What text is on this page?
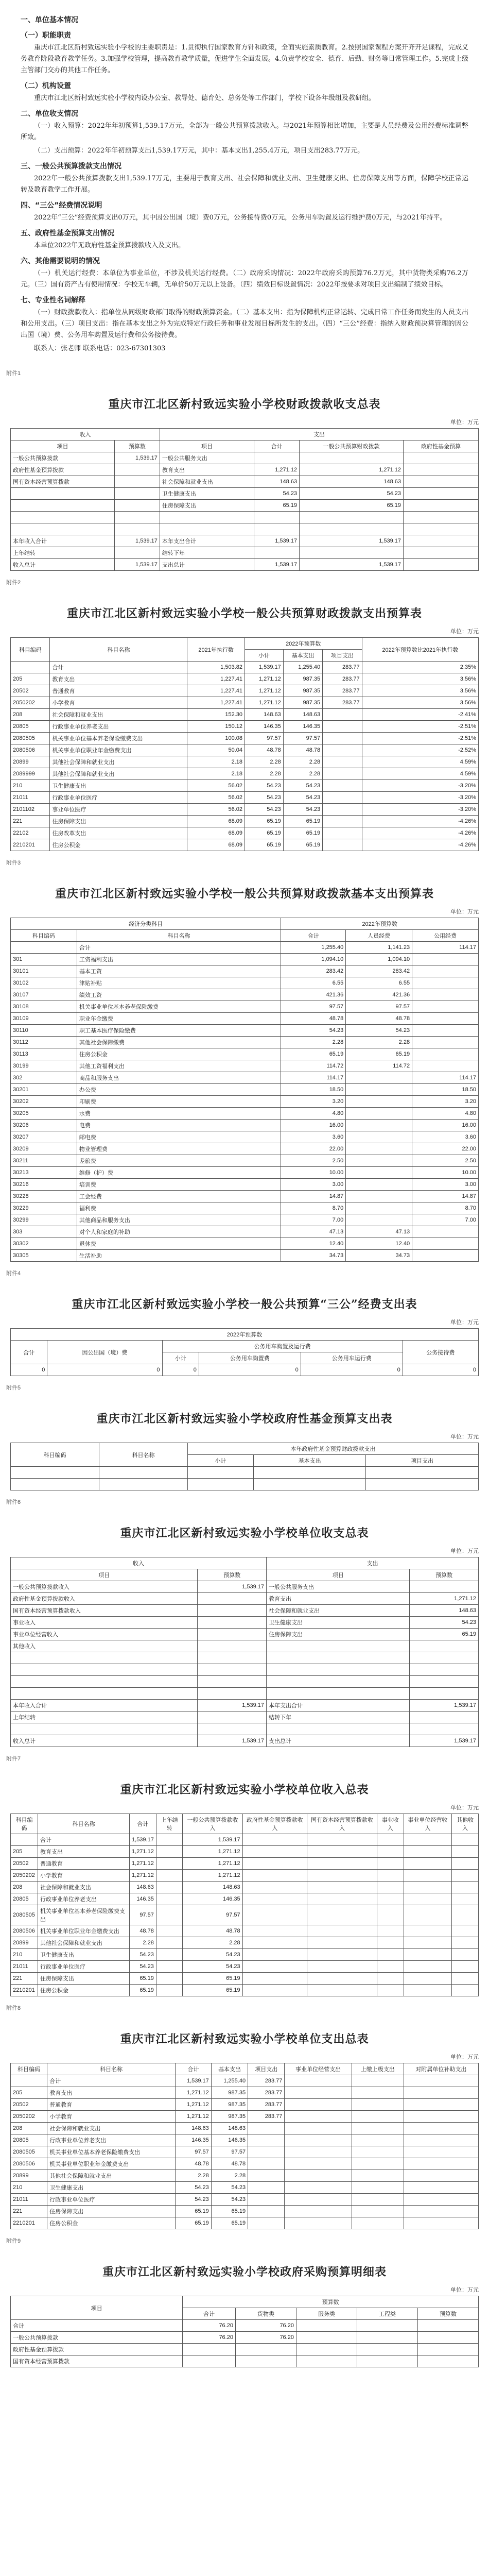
一、单位基本情况
（一）职能职责

重庆市江北区新村致远实验小学校的主要职责是：1.贯彻执行国家教育方针和政策，全面实施素质教育。2.按照国家课程方案开齐开足课程，完成义务教育阶段教育教学任务。3.加强学校管理，提高教育教学质量，促进学生全面发展。4.负责学校安全、德育、后勤、财务等日常管理工作。5.完成上级主管部门交办的其他工作任务。

（二）机构设置

重庆市江北区新村致远实验小学校内设办公室、教导处、德育处、总务处等工作部门，学校下设各年级组及教研组。

二、单位收支情况

（一）收入预算：2022年年初预算1,539.17万元，全部为一般公共预算拨款收入。与2021年预算相比增加，主要是人员经费及公用经费标准调整所致。

（二）支出预算：2022年年初预算支出1,539.17万元，其中：基本支出1,255.4万元，项目支出283.77万元。

三、一般公共预算拨款支出情况

2022年一般公共预算拨款支出1,539.17万元，主要用于教育支出、社会保障和就业支出、卫生健康支出、住房保障支出等方面，保障学校正常运转及教育教学工作开展。

四、“三公”经费情况说明

2022年“三公”经费预算支出0万元，其中因公出国（境）费0万元，公务接待费0万元，公务用车购置及运行维护费0万元，与2021年持平。

五、政府性基金预算支出情况

本单位2022年无政府性基金预算拨款收入及支出。

六、其他需要说明的情况

（一）机关运行经费：本单位为事业单位，不涉及机关运行经费。（二）政府采购情况：2022年政府采购预算76.2万元，其中货物类采购76.2万元。（三）国有资产占有使用情况：学校无车辆，无单价50万元以上设备。（四）绩效目标设置情况：2022年按要求对项目支出编制了绩效目标。

七、专业性名词解释

（一）财政拨款收入：指单位从同级财政部门取得的财政预算资金。（二）基本支出：指为保障机构正常运转、完成日常工作任务而发生的人员支出和公用支出。（三）项目支出：指在基本支出之外为完成特定行政任务和事业发展目标所发生的支出。（四）“三公”经费：指纳入财政预决算管理的因公出国（境）费、公务用车购置及运行费和公务接待费。

联系人：张老师 联系电话：023-67301303

附件1
重庆市江北区新村致远实验小学校财政拨款收支总表
单位：万元
收入		支出			
项目	预算数	项目	合计	一般公共预算财政拨款	政府性基金预算
一般公共预算拨款	1,539.17	一般公共服务支出			
政府性基金预算拨款		教育支出	1,271.12	1,271.12	
国有资本经营预算拨款		社会保障和就业支出	148.63	148.63	
		卫生健康支出	54.23	54.23	
		住房保障支出	65.19	65.19	

本年收入合计	1,539.17	本年支出合计	1,539.17	1,539.17	
上年结转		结转下年			
收入总计	1,539.17	支出总计	1,539.17	1,539.17	
附件2
重庆市江北区新村致远实验小学校一般公共预算财政拨款支出预算表
单位：万元
科目编码	科目名称	2021年执行数	2022年预算数			2022年预算数比2021年执行数
			小计	基本支出	项目支出	
	合计	1,503.82	1,539.17	1,255.40	283.77	2.35%
205	教育支出	1,227.41	1,271.12	987.35	283.77	3.56%
20502	普通教育	1,227.41	1,271.12	987.35	283.77	3.56%
2050202	小学教育	1,227.41	1,271.12	987.35	283.77	3.56%
208	社会保障和就业支出	152.30	148.63	148.63		-2.41%
20805	行政事业单位养老支出	150.12	146.35	146.35		-2.51%
2080505	机关事业单位基本养老保险缴费支出	100.08	97.57	97.57		-2.51%
2080506	机关事业单位职业年金缴费支出	50.04	48.78	48.78		-2.52%
20899	其他社会保障和就业支出	2.18	2.28	2.28		4.59%
2089999	其他社会保障和就业支出	2.18	2.28	2.28		4.59%
210	卫生健康支出	56.02	54.23	54.23		-3.20%
21011	行政事业单位医疗	56.02	54.23	54.23		-3.20%
2101102	事业单位医疗	56.02	54.23	54.23		-3.20%
221	住房保障支出	68.09	65.19	65.19		-4.26%
22102	住房改革支出	68.09	65.19	65.19		-4.26%
2210201	住房公积金	68.09	65.19	65.19		-4.26%
附件3
重庆市江北区新村致远实验小学校一般公共预算财政拨款基本支出预算表
单位：万元
经济分类科目		2022年预算数		
科目编码	科目名称	合计	人员经费	公用经费
	合计	1,255.40	1,141.23	114.17
301	工资福利支出	1,094.10	1,094.10	
30101	基本工资	283.42	283.42	
30102	津贴补贴	6.55	6.55	
30107	绩效工资	421.36	421.36	
30108	机关事业单位基本养老保险缴费	97.57	97.57	
30109	职业年金缴费	48.78	48.78	
30110	职工基本医疗保险缴费	54.23	54.23	
30112	其他社会保障缴费	2.28	2.28	
30113	住房公积金	65.19	65.19	
30199	其他工资福利支出	114.72	114.72	
302	商品和服务支出	114.17		114.17
30201	办公费	18.50		18.50
30202	印刷费	3.20		3.20
30205	水费	4.80		4.80
30206	电费	16.00		16.00
30207	邮电费	3.60		3.60
30209	物业管理费	22.00		22.00
30211	差旅费	2.50		2.50
30213	维修（护）费	10.00		10.00
30216	培训费	3.00		3.00
30228	工会经费	14.87		14.87
30229	福利费	8.70		8.70
30299	其他商品和服务支出	7.00		7.00
303	对个人和家庭的补助	47.13	47.13	
30302	退休费	12.40	12.40	
30305	生活补助	34.73	34.73	
附件4
重庆市江北区新村致远实验小学校一般公共预算“三公”经费支出表
单位：万元
2022年预算数					
合计	因公出国（境）费	公务用车购置及运行费			公务接待费
		小计	公务用车购置费	公务用车运行费	
0	0	0	0	0	0
附件5
重庆市江北区新村致远实验小学校政府性基金预算支出表
单位：万元
科目编码	科目名称	本年政府性基金预算财政拨款支出		
		小计	基本支出	项目支出

附件6
重庆市江北区新村致远实验小学校单位收支总表
单位：万元
收入		支出	
项目	预算数	项目	预算数
一般公共预算拨款收入	1,539.17	一般公共服务支出	
政府性基金预算拨款收入		教育支出	1,271.12
国有资本经营预算拨款收入		社会保障和就业支出	148.63
事业收入		卫生健康支出	54.23
事业单位经营收入		住房保障支出	65.19
其他收入			

本年收入合计	1,539.17	本年支出合计	1,539.17
上年结转		结转下年	

收入总计	1,539.17	支出总计	1,539.17
附件7
重庆市江北区新村致远实验小学校单位收入总表
单位：万元
科目编码	科目名称	合计	上年结转	一般公共预算拨款收入	政府性基金预算拨款收入	国有资本经营预算拨款收入	事业收入	事业单位经营收入	其他收入
	合计	1,539.17		1,539.17					
205	教育支出	1,271.12		1,271.12					
20502	普通教育	1,271.12		1,271.12					
2050202	小学教育	1,271.12		1,271.12					
208	社会保障和就业支出	148.63		148.63					
20805	行政事业单位养老支出	146.35		146.35					
2080505	机关事业单位基本养老保险缴费支出	97.57		97.57					
2080506	机关事业单位职业年金缴费支出	48.78		48.78					
20899	其他社会保障和就业支出	2.28		2.28					
210	卫生健康支出	54.23		54.23					
21011	行政事业单位医疗	54.23		54.23					
221	住房保障支出	65.19		65.19					
2210201	住房公积金	65.19		65.19					
附件8
重庆市江北区新村致远实验小学校单位支出总表
单位：万元
科目编码	科目名称	合计	基本支出	项目支出	事业单位经营支出	上缴上级支出	对附属单位补助支出
	合计	1,539.17	1,255.40	283.77			
205	教育支出	1,271.12	987.35	283.77			
20502	普通教育	1,271.12	987.35	283.77			
2050202	小学教育	1,271.12	987.35	283.77			
208	社会保障和就业支出	148.63	148.63				
20805	行政事业单位养老支出	146.35	146.35				
2080505	机关事业单位基本养老保险缴费支出	97.57	97.57				
2080506	机关事业单位职业年金缴费支出	48.78	48.78				
20899	其他社会保障和就业支出	2.28	2.28				
210	卫生健康支出	54.23	54.23				
21011	行政事业单位医疗	54.23	54.23				
221	住房保障支出	65.19	65.19				
2210201	住房公积金	65.19	65.19				
附件9
重庆市江北区新村致远实验小学校政府采购预算明细表
单位：万元
项目	预算数				
	合计	货物类	服务类	工程类	预算数
合计	76.20	76.20			
一般公共预算拨款	76.20	76.20			
政府性基金预算拨款					
国有资本经营预算拨款					
